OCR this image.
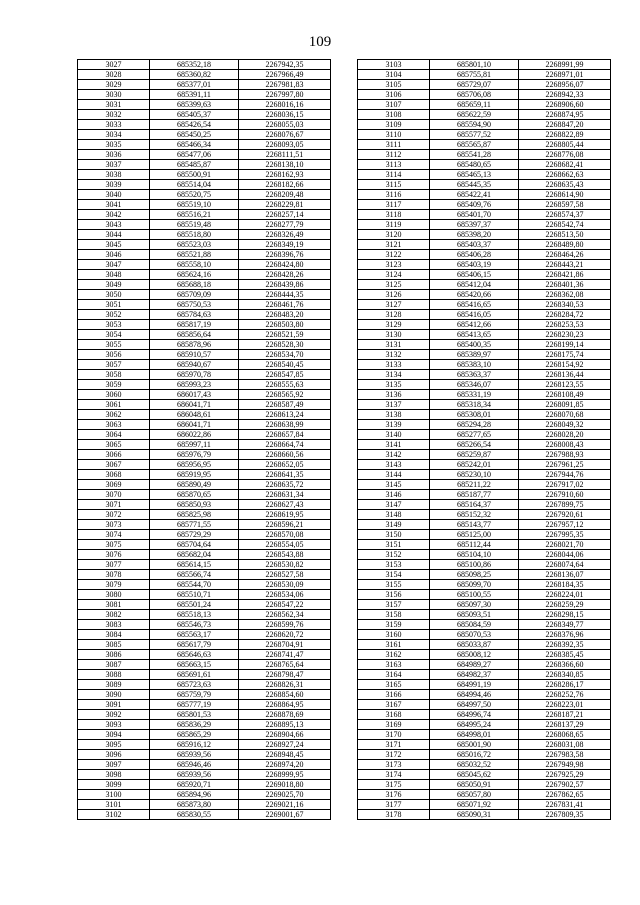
109
3027	685352,18	2267942,35
3028	685360,82	2267966,49
3029	685377,01	2267981,83
3030	685391,11	2267997,80
3031	685399,63	2268016,16
3032	685405,37	2268036,15
3033	685426,54	2268055,03
3034	685450,25	2268076,67
3035	685466,34	2268093,05
3036	685477,06	2268111,51
3037	685485,87	2268138,10
3038	685500,91	2268162,93
3039	685514,04	2268182,66
3040	685520,75	2268209,48
3041	685519,10	2268229,81
3042	685516,21	2268257,14
3043	685519,48	2268277,79
3044	685518,80	2268326,49
3045	685523,03	2268349,19
3046	685521,88	2268396,76
3047	685558,10	2268424,80
3048	685624,16	2268428,26
3049	685688,18	2268439,86
3050	685709,09	2268444,35
3051	685750,53	2268461,76
3052	685784,63	2268483,20
3053	685817,19	2268503,80
3054	685856,64	2268521,59
3055	685878,96	2268528,30
3056	685910,57	2268534,70
3057	685940,67	2268540,45
3058	685970,78	2268547,85
3059	685993,23	2268555,63
3060	686017,43	2268565,92
3061	686041,71	2268587,49
3062	686048,61	2268613,24
3063	686041,71	2268638,99
3064	686022,86	2268657,84
3065	685997,11	2268664,74
3066	685976,79	2268660,56
3067	685956,95	2268652,05
3068	685919,95	2268641,35
3069	685890,49	2268635,72
3070	685870,65	2268631,34
3071	685850,93	2268627,43
3072	685825,98	2268619,95
3073	685771,55	2268596,21
3074	685729,29	2268570,08
3075	685704,64	2268554,05
3076	685682,04	2268543,88
3077	685614,15	2268530,82
3078	685566,74	2268527,58
3079	685544,70	2268530,09
3080	685510,71	2268534,06
3081	685501,24	2268547,22
3082	685518,13	2268562,34
3083	685546,73	2268599,76
3084	685563,17	2268620,72
3085	685617,79	2268704,91
3086	685646,63	2268741,47
3087	685663,15	2268765,64
3088	685691,61	2268798,47
3089	685723,63	2268826,31
3090	685759,79	2268854,60
3091	685777,19	2268864,95
3092	685801,53	2268878,69
3093	685836,29	2268895,13
3094	685865,29	2268904,66
3095	685916,12	2268927,24
3096	685939,56	2268948,45
3097	685946,46	2268974,20
3098	685939,56	2268999,95
3099	685920,71	2269018,80
3100	685894,96	2269025,70
3101	685873,80	2269021,16
3102	685830,55	2269001,67
3103	685801,10	2268991,99
3104	685755,81	2268971,01
3105	685729,07	2268956,07
3106	685706,08	2268942,33
3107	685659,11	2268906,60
3108	685622,59	2268874,95
3109	685594,90	2268847,20
3110	685577,52	2268822,89
3111	685565,87	2268805,44
3112	685541,28	2268776,08
3113	685480,65	2268682,41
3114	685465,13	2268662,63
3115	685445,35	2268635,43
3116	685422,41	2268614,90
3117	685409,76	2268597,58
3118	685401,70	2268574,37
3119	685397,37	2268542,74
3120	685398,20	2268513,50
3121	685403,37	2268489,80
3122	685406,28	2268464,26
3123	685403,19	2268443,21
3124	685406,15	2268421,86
3125	685412,04	2268401,36
3126	685420,66	2268362,08
3127	685416,65	2268340,53
3128	685416,05	2268284,72
3129	685412,66	2268253,53
3130	685413,65	2268230,23
3131	685400,35	2268199,14
3132	685389,97	2268175,74
3133	685383,10	2268154,92
3134	685363,37	2268136,44
3135	685346,07	2268123,55
3136	685331,19	2268108,49
3137	685318,34	2268091,85
3138	685308,01	2268070,68
3139	685294,28	2268049,32
3140	685277,65	2268028,20
3141	685266,54	2268008,43
3142	685259,87	2267988,93
3143	685242,01	2267961,25
3144	685230,10	2267944,76
3145	685211,22	2267917,02
3146	685187,77	2267910,60
3147	685164,37	2267899,75
3148	685152,32	2267920,61
3149	685143,77	2267957,12
3150	685125,00	2267995,35
3151	685112,44	2268021,70
3152	685104,10	2268044,06
3153	685100,86	2268074,64
3154	685098,25	2268136,07
3155	685099,70	2268184,35
3156	685100,55	2268224,01
3157	685097,30	2268259,29
3158	685093,51	2268298,15
3159	685084,59	2268349,77
3160	685070,53	2268376,96
3161	685033,87	2268392,35
3162	685008,12	2268385,45
3163	684989,27	2268366,60
3164	684982,37	2268340,85
3165	684991,19	2268286,17
3166	684994,46	2268252,76
3167	684997,50	2268223,01
3168	684996,74	2268187,21
3169	684995,24	2268137,29
3170	684998,01	2268068,65
3171	685001,90	2268031,08
3172	685016,72	2267983,58
3173	685032,52	2267949,98
3174	685045,62	2267925,29
3175	685050,91	2267902,57
3176	685057,80	2267862,65
3177	685071,92	2267831,41
3178	685090,31	2267809,35
